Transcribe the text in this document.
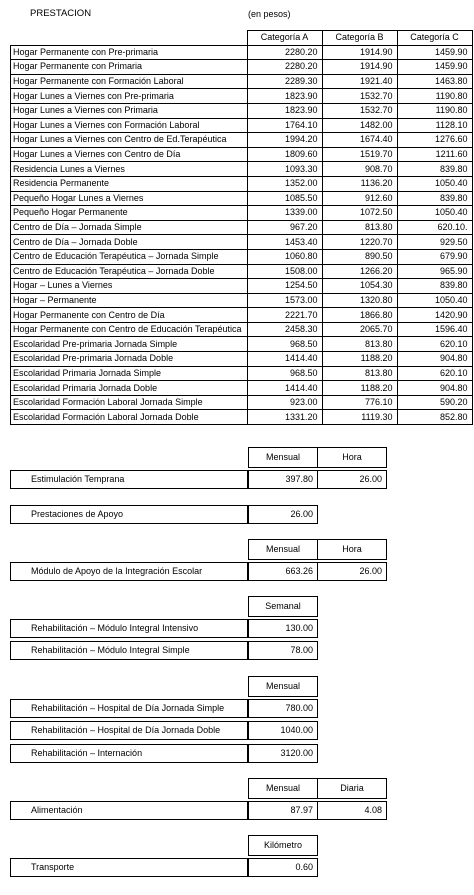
PRESTACION	(en pesos)
	Categoría A	Categoría B	Categoría C
Hogar Permanente con Pre-primaria	2280.20	1914.90	1459.90
Hogar Permanente con Primaria	2280.20	1914.90	1459.90
Hogar Permanente con Formación Laboral	2289.30	1921.40	1463.80
Hogar Lunes a Viernes con Pre-primaria	1823.90	1532.70	1190.80
Hogar Lunes a Viernes con Primaria	1823.90	1532.70	1190.80
Hogar Lunes a Viernes con Formación Laboral	1764.10	1482.00	1128.10
Hogar Lunes a Viernes con Centro de Ed.Terapéutica	1994.20	1674.40	1276.60
Hogar Lunes a Viernes con Centro de Día	1809.60	1519.70	1211.60
Residencia Lunes a Viernes	1093.30	908.70	839.80
Residencia Permanente	1352.00	1136.20	1050.40
Pequeño Hogar Lunes a Viernes	1085.50	912.60	839.80
Pequeño Hogar Permanente	1339.00	1072.50	1050.40
Centro de Día – Jornada Simple	967.20	813.80	620.10.
Centro de Día – Jornada Doble	1453.40	1220.70	929.50
Centro de Educación Terapéutica – Jornada Simple	1060.80	890.50	679.90
Centro de Educación Terapéutica – Jornada Doble	1508.00	1266.20	965.90
Hogar – Lunes a Viernes	1254.50	1054.30	839.80
Hogar – Permanente	1573.00	1320.80	1050.40
Hogar Permanente con Centro de Día	2221.70	1866.80	1420.90
Hogar Permanente con Centro de Educación Terapéutica	2458.30	2065.70	1596.40
Escolaridad Pre-primaria Jornada Simple	968.50	813.80	620.10
Escolaridad Pre-primaria Jornada Doble	1414.40	1188.20	904.80
Escolaridad Primaria Jornada Simple	968.50	813.80	620.10
Escolaridad Primaria Jornada Doble	1414.40	1188.20	904.80
Escolaridad Formación Laboral Jornada Simple	923.00	776.10	590.20
Escolaridad Formación Laboral Jornada Doble	1331.20	1119.30	852.80
Mensual	Hora
Estimulación Temprana	397.80	26.00
Prestaciones de Apoyo	26.00
Mensual	Hora
Módulo de Apoyo de la Integración Escolar	663.26	26.00
Semanal
Rehabilitación – Módulo Integral Intensivo	130.00
Rehabilitación – Módulo Integral Simple	78.00
Mensual
Rehabilitación – Hospital de Día Jornada Simple	780.00
Rehabilitación – Hospital de Día Jornada Doble	1040.00
Rehabilitación – Internación	3120.00
Mensual	Diaria
Alimentación	87.97	4.08
Kilómetro
Transporte	0.60
